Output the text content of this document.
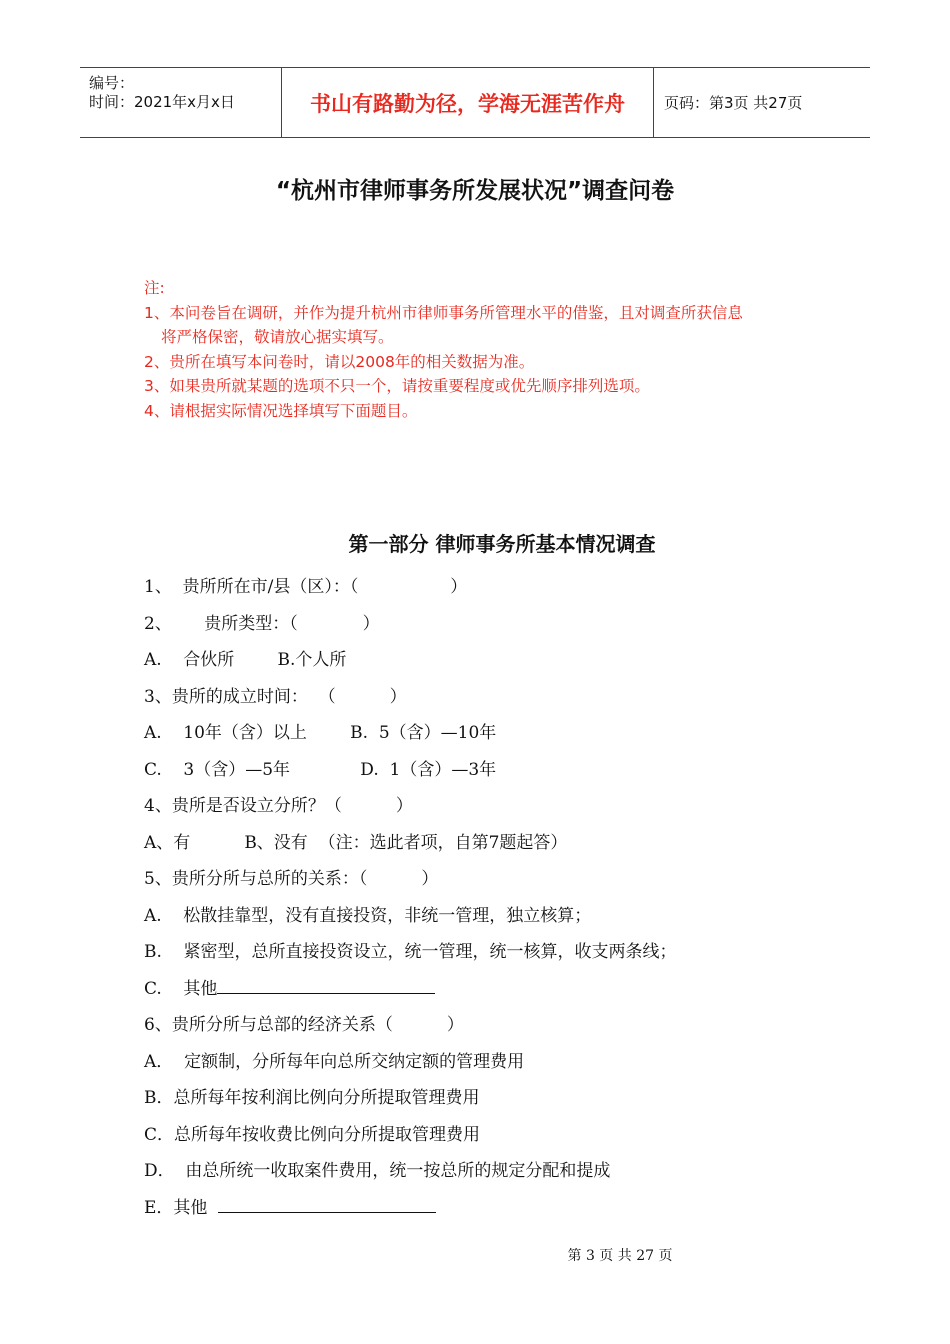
编号：
时间：2021年x月x日	书山有路勤为径，学海无涯苦作舟	页码：第3页 共27页
“杭州市律师事务所发展状况”调查问卷
注:
1、本问卷旨在调研，并作为提升杭州市律师事务所管理水平的借鉴，且对调查所获信息
将严格保密，敬请放心据实填写。
2、贵所在填写本问卷时，请以2008年的相关数据为准。
3、如果贵所就某题的选项不只一个，请按重要程度或优先顺序排列选项。
4、请根据实际情况选择填写下面题目。
第一部分 律师事务所基本情况调查
1、  贵所所在市/县（区）：（                 ）
2、      贵所类型：（            ）
A.    合伙所        B.个人所
3、贵所的成立时间：  （          ）
A.    10年（含）以上        B.  5（含）—10年
C.    3（含）—5年             D.  1（含）—3年
4、贵所是否设立分所？（          ）
A、有          B、没有  （注：选此者项，自第7题起答）
5、贵所分所与总所的关系：（          ）
A.    松散挂靠型，没有直接投资，非统一管理，独立核算；
B.    紧密型，总所直接投资设立，统一管理，统一核算，收支两条线；
C.    其他
6、贵所分所与总部的经济关系（          ）
A．  定额制，分所每年向总所交纳定额的管理费用
B．总所每年按利润比例向分所提取管理费用
C．总所每年按收费比例向分所提取管理费用
D．  由总所统一收取案件费用，统一按总所的规定分配和提成
E．其他
第 3 页 共 27 页
